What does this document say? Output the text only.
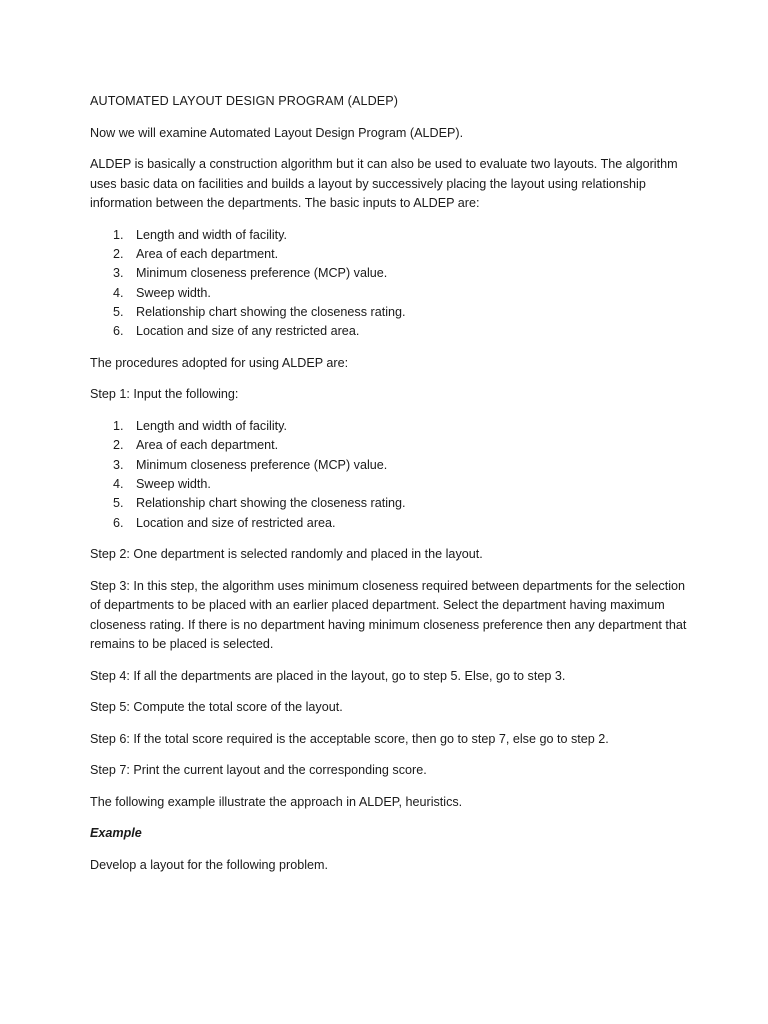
AUTOMATED LAYOUT DESIGN PROGRAM (ALDEP)

Now we will examine Automated Layout Design Program (ALDEP).

ALDEP is basically a construction algorithm but it can also be used to evaluate two layouts. The algorithm uses basic data on facilities and builds a layout by successively placing the layout using relationship information between the departments. The basic inputs to ALDEP are:

1. Length and width of facility.
2. Area of each department.
3. Minimum closeness preference (MCP) value.
4. Sweep width.
5. Relationship chart showing the closeness rating.
6. Location and size of any restricted area.

The procedures adopted for using ALDEP are:

Step 1: Input the following:

1. Length and width of facility.
2. Area of each department.
3. Minimum closeness preference (MCP) value.
4. Sweep width.
5. Relationship chart showing the closeness rating.
6. Location and size of restricted area.

Step 2: One department is selected randomly and placed in the layout.

Step 3: In this step, the algorithm uses minimum closeness required between departments for the selection of departments to be placed with an earlier placed department. Select the department having maximum closeness rating. If there is no department having minimum closeness preference then any department that remains to be placed is selected.

Step 4: If all the departments are placed in the layout, go to step 5. Else, go to step 3.

Step 5: Compute the total score of the layout.

Step 6: If the total score required is the acceptable score, then go to step 7, else go to step 2.

Step 7: Print the current layout and the corresponding score.

The following example illustrate the approach in ALDEP, heuristics.

Example

Develop a layout for the following problem.
